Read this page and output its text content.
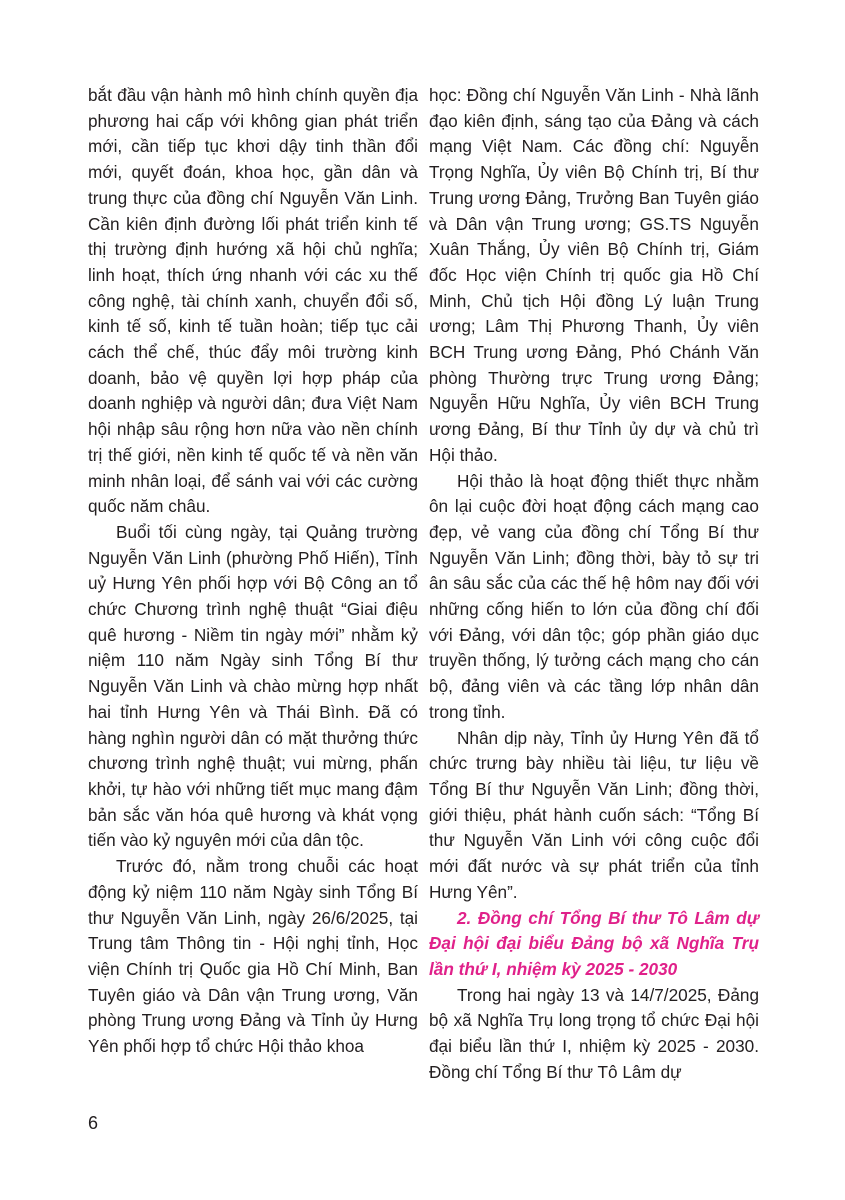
bắt đầu vận hành mô hình chính quyền địa phương hai cấp với không gian phát triển mới, cần tiếp tục khơi dậy tinh thần đổi mới, quyết đoán, khoa học, gần dân và trung thực của đồng chí Nguyễn Văn Linh. Cần kiên định đường lối phát triển kinh tế thị trường định hướng xã hội chủ nghĩa; linh hoạt, thích ứng nhanh với các xu thế công nghệ, tài chính xanh, chuyển đổi số, kinh tế số, kinh tế tuần hoàn; tiếp tục cải cách thể chế, thúc đẩy môi trường kinh doanh, bảo vệ quyền lợi hợp pháp của doanh nghiệp và người dân; đưa Việt Nam hội nhập sâu rộng hơn nữa vào nền chính trị thế giới, nền kinh tế quốc tế và nền văn minh nhân loại, để sánh vai với các cường quốc năm châu.

Buổi tối cùng ngày, tại Quảng trường Nguyễn Văn Linh (phường Phố Hiến), Tỉnh uỷ Hưng Yên phối hợp với Bộ Công an tổ chức Chương trình nghệ thuật “Giai điệu quê hương - Niềm tin ngày mới” nhằm kỷ niệm 110 năm Ngày sinh Tổng Bí thư Nguyễn Văn Linh và chào mừng hợp nhất hai tỉnh Hưng Yên và Thái Bình. Đã có hàng nghìn người dân có mặt thưởng thức chương trình nghệ thuật; vui mừng, phấn khởi, tự hào với những tiết mục mang đậm bản sắc văn hóa quê hương và khát vọng tiến vào kỷ nguyên mới của dân tộc.

Trước đó, nằm trong chuỗi các hoạt động kỷ niệm 110 năm Ngày sinh Tổng Bí thư Nguyễn Văn Linh, ngày 26/6/2025, tại Trung tâm Thông tin - Hội nghị tỉnh, Học viện Chính trị Quốc gia Hồ Chí Minh, Ban Tuyên giáo và Dân vận Trung ương, Văn phòng Trung ương Đảng và Tỉnh ủy Hưng Yên phối hợp tổ chức Hội thảo khoa

học: Đồng chí Nguyễn Văn Linh - Nhà lãnh đạo kiên định, sáng tạo của Đảng và cách mạng Việt Nam. Các đồng chí: Nguyễn Trọng Nghĩa, Ủy viên Bộ Chính trị, Bí thư Trung ương Đảng, Trưởng Ban Tuyên giáo và Dân vận Trung ương; GS.TS Nguyễn Xuân Thắng, Ủy viên Bộ Chính trị, Giám đốc Học viện Chính trị quốc gia Hồ Chí Minh, Chủ tịch Hội đồng Lý luận Trung ương; Lâm Thị Phương Thanh, Ủy viên BCH Trung ương Đảng, Phó Chánh Văn phòng Thường trực Trung ương Đảng; Nguyễn Hữu Nghĩa, Ủy viên BCH Trung ương Đảng, Bí thư Tỉnh ủy dự và chủ trì Hội thảo.

Hội thảo là hoạt động thiết thực nhằm ôn lại cuộc đời hoạt động cách mạng cao đẹp, vẻ vang của đồng chí Tổng Bí thư Nguyễn Văn Linh; đồng thời, bày tỏ sự tri ân sâu sắc của các thế hệ hôm nay đối với những cống hiến to lớn của đồng chí đối với Đảng, với dân tộc; góp phần giáo dục truyền thống, lý tưởng cách mạng cho cán bộ, đảng viên và các tầng lớp nhân dân trong tỉnh.

Nhân dịp này, Tỉnh ủy Hưng Yên đã tổ chức trưng bày nhiều tài liệu, tư liệu về Tổng Bí thư Nguyễn Văn Linh; đồng thời, giới thiệu, phát hành cuốn sách: “Tổng Bí thư Nguyễn Văn Linh với công cuộc đổi mới đất nước và sự phát triển của tỉnh Hưng Yên”.

2. Đồng chí Tổng Bí thư Tô Lâm dự Đại hội đại biểu Đảng bộ xã Nghĩa Trụ lần thứ I, nhiệm kỳ 2025 - 2030

Trong hai ngày 13 và 14/7/2025, Đảng bộ xã Nghĩa Trụ long trọng tổ chức Đại hội đại biểu lần thứ I, nhiệm kỳ 2025 - 2030. Đồng chí Tổng Bí thư Tô Lâm dự

6
